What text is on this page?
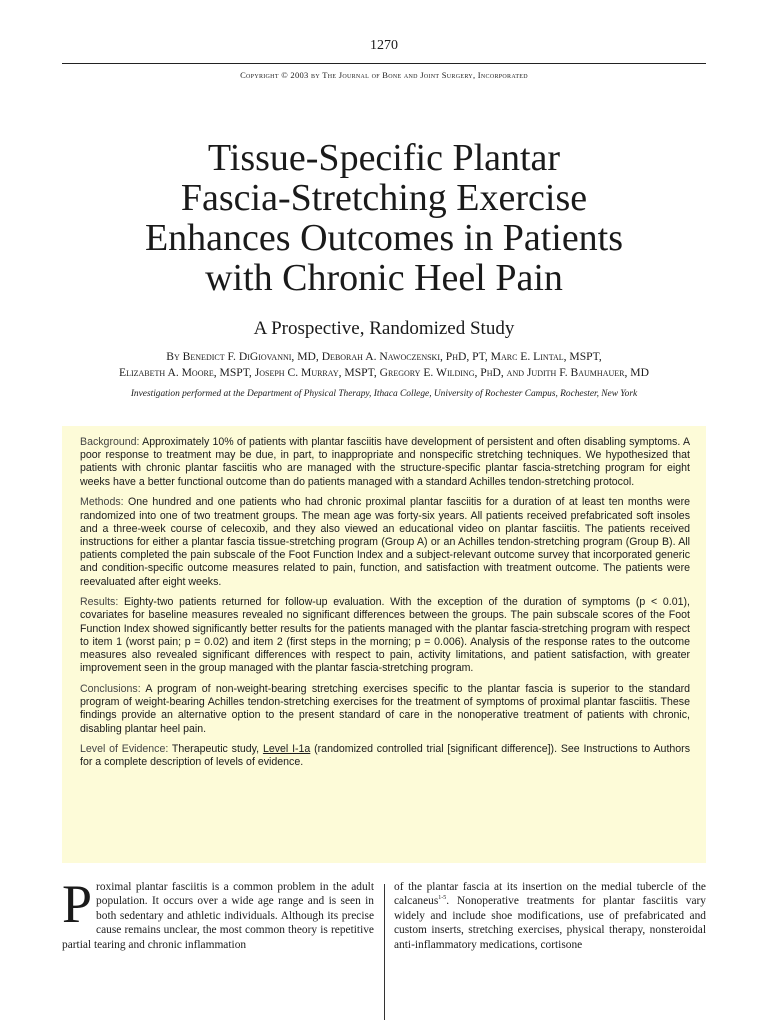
1270
Copyright © 2003 by The Journal of Bone and Joint Surgery, Incorporated
Tissue-Specific Plantar
Fascia-Stretching Exercise
Enhances Outcomes in Patients
with Chronic Heel Pain
A Prospective, Randomized Study
By Benedict F. DiGiovanni, MD, Deborah A. Nawoczenski, PhD, PT, Marc E. Lintal, MSPT,
Elizabeth A. Moore, MSPT, Joseph C. Murray, MSPT, Gregory E. Wilding, PhD, and Judith F. Baumhauer, MD
Investigation performed at the Department of Physical Therapy, Ithaca College, University of Rochester Campus, Rochester, New York

Background: Approximately 10% of patients with plantar fasciitis have development of persistent and often disabling symptoms. A poor response to treatment may be due, in part, to inappropriate and nonspecific stretching techniques. We hypothesized that patients with chronic plantar fasciitis who are managed with the structure-specific plantar fascia-stretching program for eight weeks have a better functional outcome than do patients managed with a standard Achilles tendon-stretching protocol.

Methods: One hundred and one patients who had chronic proximal plantar fasciitis for a duration of at least ten months were randomized into one of two treatment groups. The mean age was forty-six years. All patients received prefabricated soft insoles and a three-week course of celecoxib, and they also viewed an educational video on plantar fasciitis. The patients received instructions for either a plantar fascia tissue-stretching program (Group A) or an Achilles tendon-stretching program (Group B). All patients completed the pain subscale of the Foot Function Index and a subject-relevant outcome survey that incorporated generic and condition-specific outcome measures related to pain, function, and satisfaction with treatment outcome. The patients were reevaluated after eight weeks.

Results: Eighty-two patients returned for follow-up evaluation. With the exception of the duration of symptoms (p < 0.01), covariates for baseline measures revealed no significant differences between the groups. The pain subscale scores of the Foot Function Index showed significantly better results for the patients managed with the plantar fascia-stretching program with respect to item 1 (worst pain; p = 0.02) and item 2 (first steps in the morning; p = 0.006). Analysis of the response rates to the outcome measures also revealed significant differences with respect to pain, activity limitations, and patient satisfaction, with greater improvement seen in the group managed with the plantar fascia-stretching program.

Conclusions: A program of non-weight-bearing stretching exercises specific to the plantar fascia is superior to the standard program of weight-bearing Achilles tendon-stretching exercises for the treatment of symptoms of proximal plantar fasciitis. These findings provide an alternative option to the present standard of care in the nonoperative treatment of patients with chronic, disabling plantar heel pain.

Level of Evidence: Therapeutic study, Level I-1a (randomized controlled trial [significant difference]). See Instructions to Authors for a complete description of levels of evidence.

Proximal plantar fasciitis is a common problem in the adult population. It occurs over a wide age range and is seen in both sedentary and athletic individuals. Although its precise cause remains unclear, the most common theory is repetitive partial tearing and chronic inflammation
of the plantar fascia at its insertion on the medial tubercle of the calcaneus$^{1-5}$. Nonoperative treatments for plantar fasciitis vary widely and include shoe modifications, use of prefabricated and custom inserts, stretching exercises, physical therapy, nonsteroidal anti-inflammatory medications, cortisone
